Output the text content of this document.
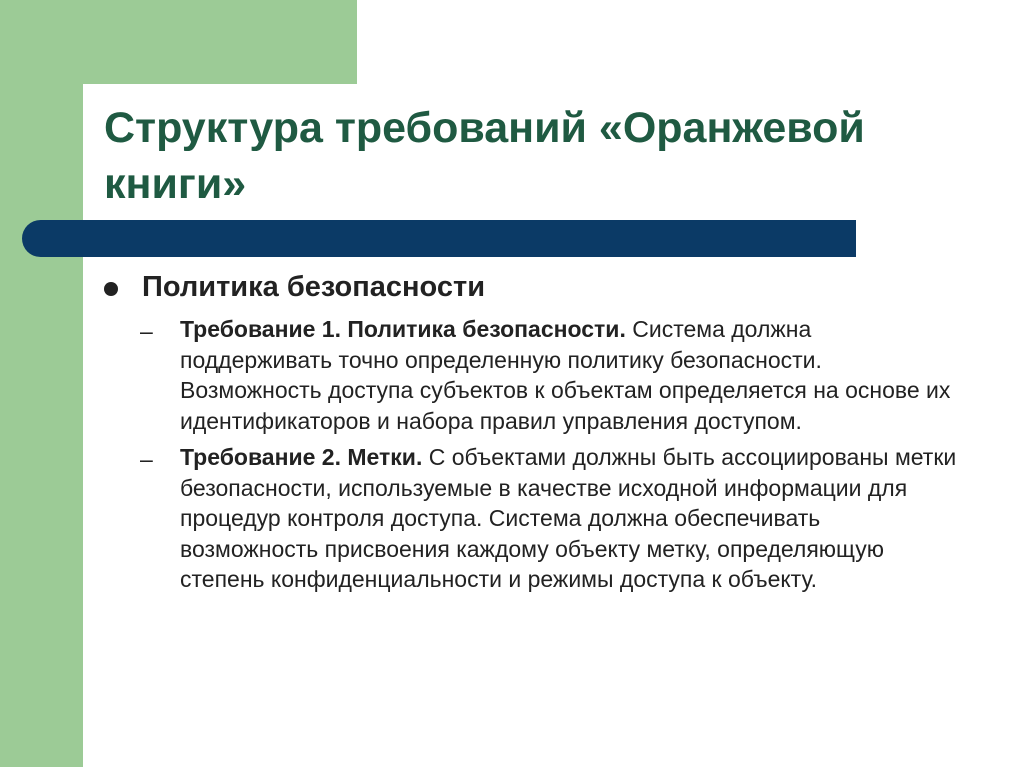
Структура требований «Оранжевой книги»
Политика безопасности
– Требование 1. Политика безопасности. Система должна поддерживать точно определенную политику безопасности. Возможность доступа субъектов к объектам определяется на основе их идентификаторов и набора правил управления доступом.
– Требование 2. Метки. С объектами должны быть ассоциированы метки безопасности, используемые в качестве исходной информации для процедур контроля доступа. Система должна обеспечивать возможность присвоения каждому объекту метку, определяющую степень конфиденциальности и режимы доступа к объекту.
